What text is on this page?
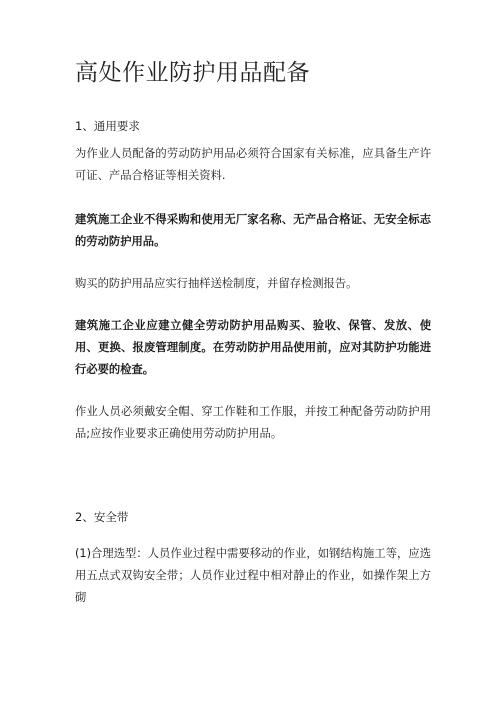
高处作业防护用品配备

1、通用要求

为作业人员配备的劳动防护用品必须符合国家有关标准，应具备生产许可证、产品合格证等相关资料.

建筑施工企业不得采购和使用无厂家名称、无产品合格证、无安全标志的劳动防护用品。

购买的防护用品应实行抽样送检制度，并留存检测报告。

建筑施工企业应建立健全劳动防护用品购买、验收、保管、发放、使用、更换、报废管理制度。在劳动防护用品使用前，应对其防护功能进行必要的检查。

作业人员必须戴安全帽、穿工作鞋和工作服，并按工种配备劳动防护用品;应按作业要求正确使用劳动防护用品。

2、安全带

(1)合理选型：人员作业过程中需要移动的作业，如钢结构施工等，应选用五点式双钩安全带；人员作业过程中相对静止的作业，如操作架上方砌
